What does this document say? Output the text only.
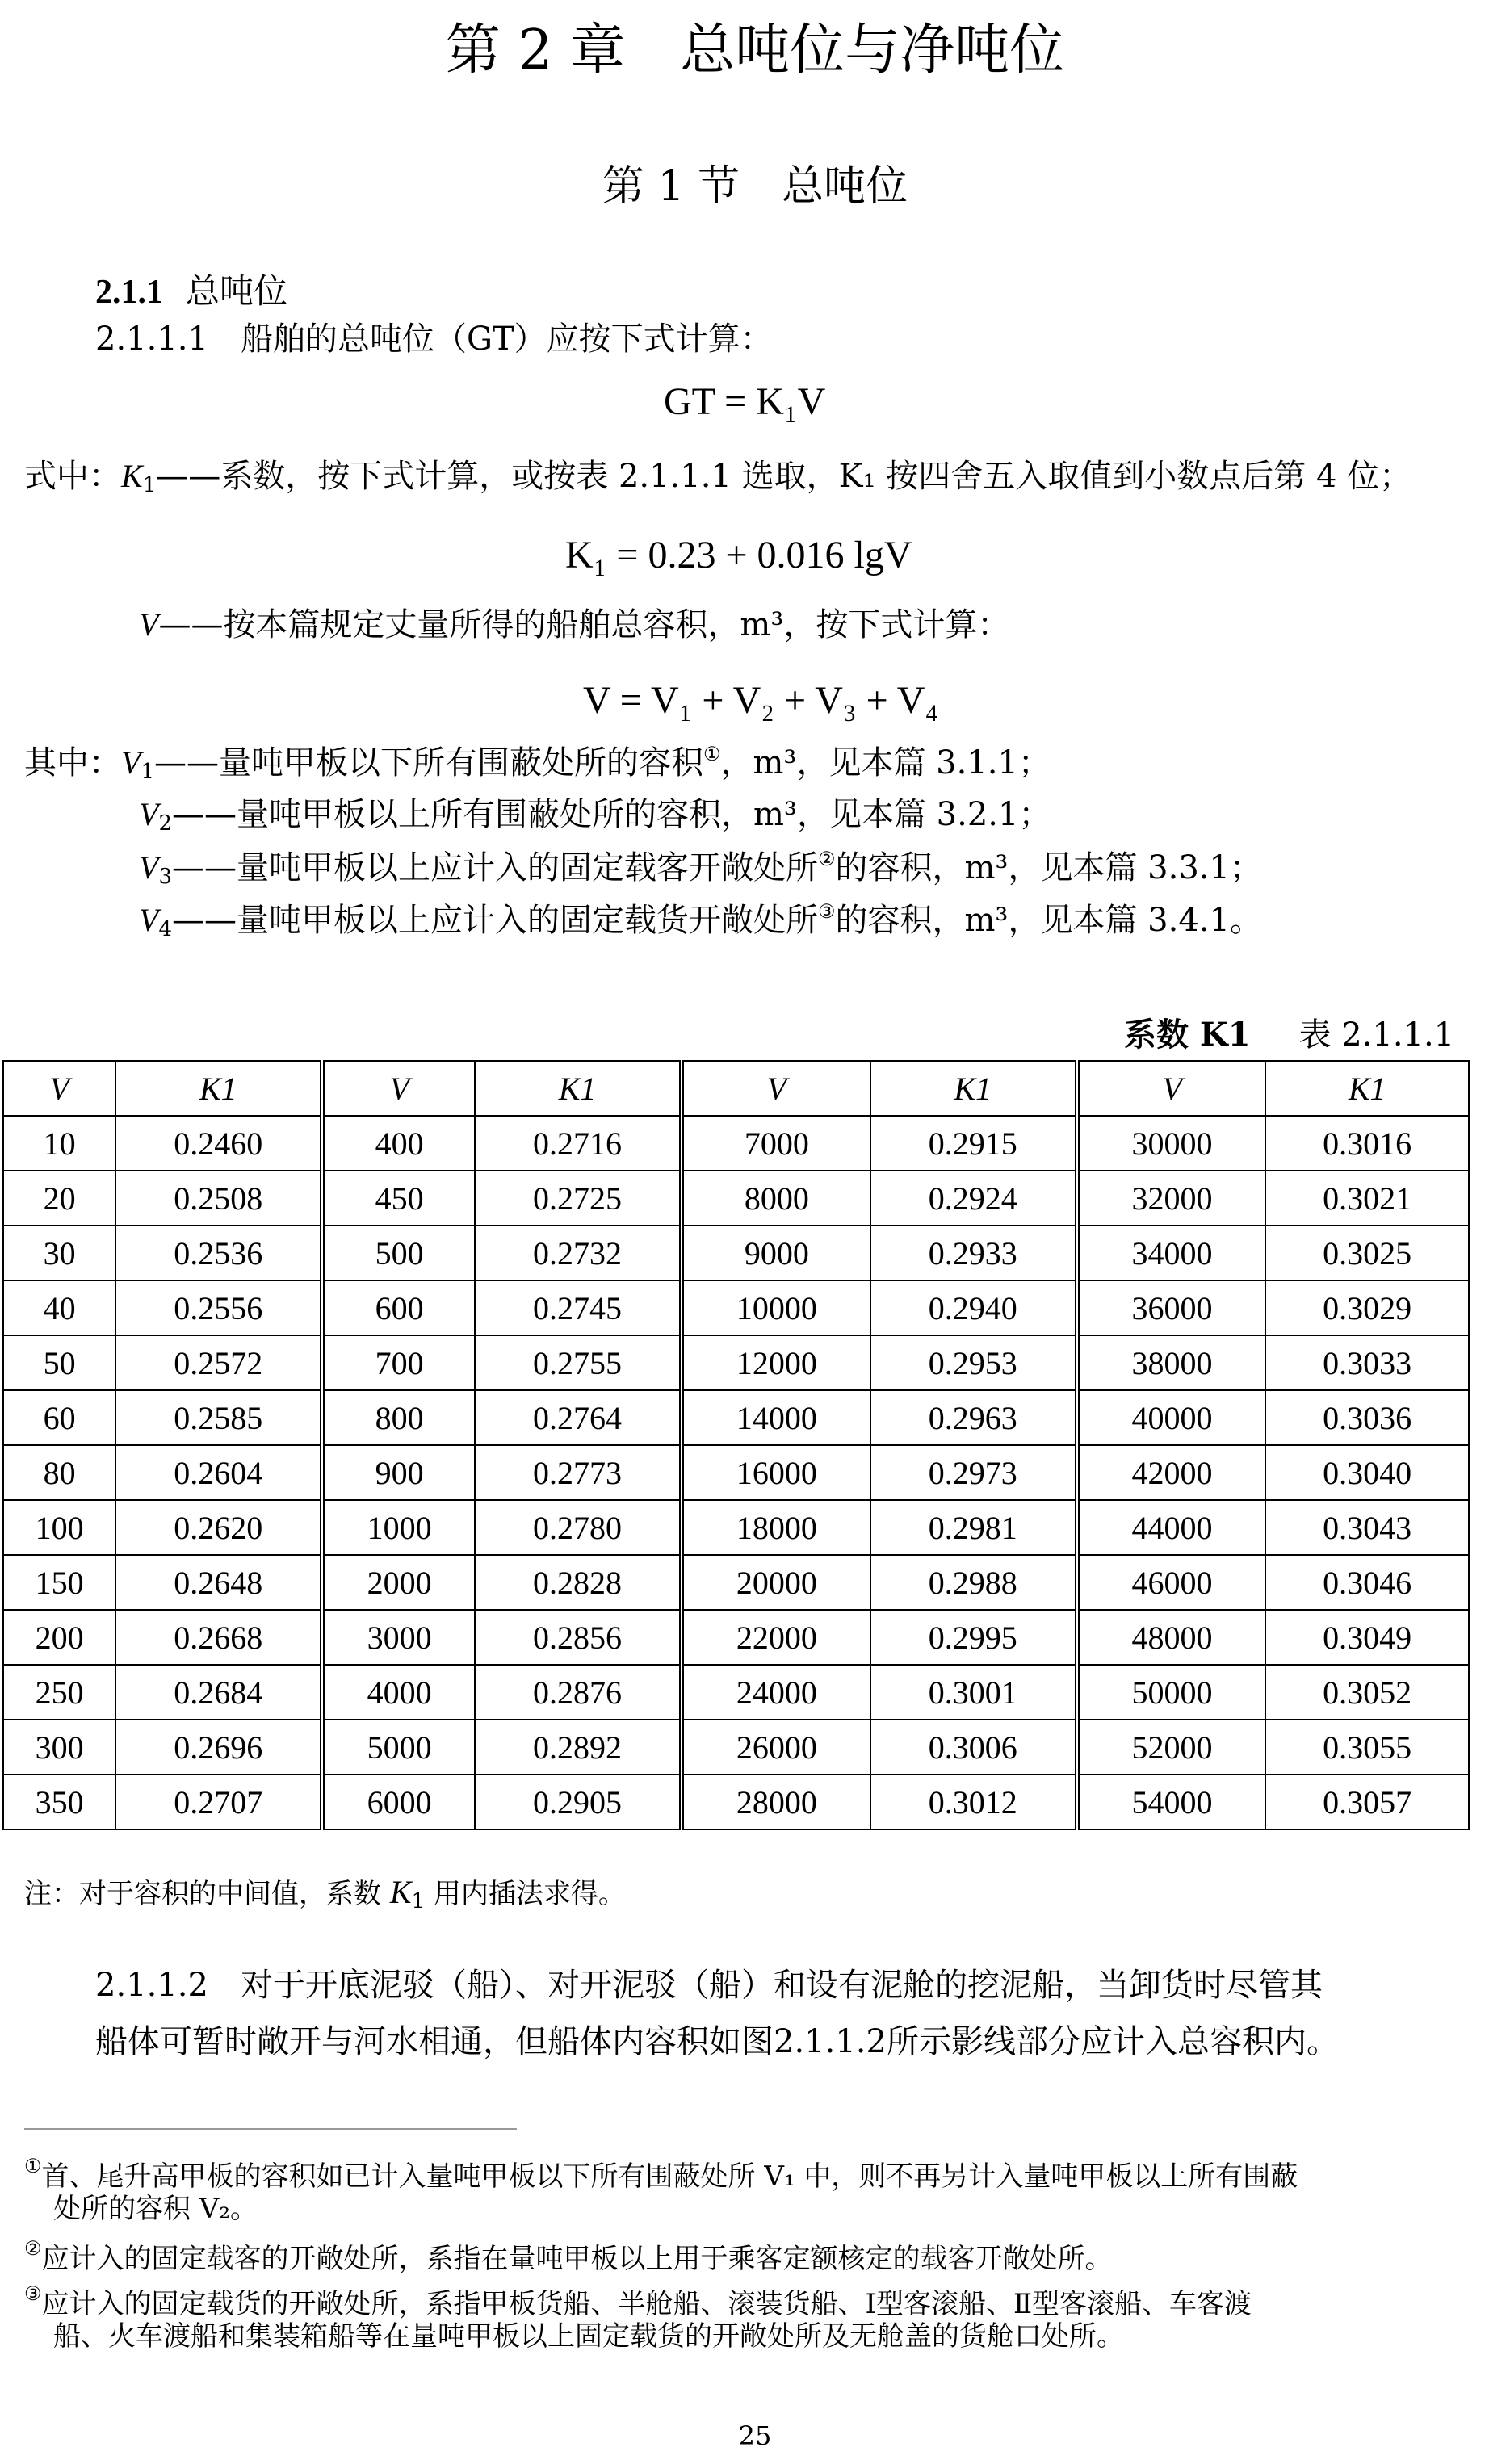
第 2 章　总吨位与净吨位
第 1 节　总吨位
2.1.1 总吨位
2.1.1.1　 船舶的总吨位（GT）应按下式计算：
GT = K₁V
式中：$K_1——$系数，按下式计算，或按表 2.1.1.1 选取，K₁ 按四舍五入取值到小数点后第 4 位；
K₁ = 0.23 + 0.016 lgV
V——按本篇规定丈量所得的船舶总容积，m³，按下式计算：
V = V₁ + V₂ + V₃ + V₄
其中：$V_1——$量吨甲板以下所有围蔽处所的容积①，m³，见本篇 3.1.1；
$V_2——$量吨甲板以上所有围蔽处所的容积，m³，见本篇 3.2.1；
$V_3——$量吨甲板以上应计入的固定载客开敞处所②的容积，m³，见本篇 3.3.1；
$V_4——$量吨甲板以上应计入的固定载货开敞处所③的容积，m³，见本篇 3.4.1。
系数 K1　  表 2.1.1.1
V	K1	V	K1	V	K1	V	K1
10	0.2460	400	0.2716	7000	0.2915	30000	0.3016
20	0.2508	450	0.2725	8000	0.2924	32000	0.3021
30	0.2536	500	0.2732	9000	0.2933	34000	0.3025
40	0.2556	600	0.2745	10000	0.2940	36000	0.3029
50	0.2572	700	0.2755	12000	0.2953	38000	0.3033
60	0.2585	800	0.2764	14000	0.2963	40000	0.3036
80	0.2604	900	0.2773	16000	0.2973	42000	0.3040
100	0.2620	1000	0.2780	18000	0.2981	44000	0.3043
150	0.2648	2000	0.2828	20000	0.2988	46000	0.3046
200	0.2668	3000	0.2856	22000	0.2995	48000	0.3049
250	0.2684	4000	0.2876	24000	0.3001	50000	0.3052
300	0.2696	5000	0.2892	26000	0.3006	52000	0.3055
350	0.2707	6000	0.2905	28000	0.3012	54000	0.3057
注：对于容积的中间值，系数 $K_1$ 用内插法求得。
2.1.1.2　 对于开底泥驳（船）、对开泥驳（船）和设有泥舱的挖泥船，当卸货时尽管其
船体可暂时敞开与河水相通，但船体内容积如图2.1.1.2所示影线部分应计入总容积内。
①首、尾升高甲板的容积如已计入量吨甲板以下所有围蔽处所 V₁ 中，则不再另计入量吨甲板以上所有围蔽
处所的容积 V₂。
②应计入的固定载客的开敞处所，系指在量吨甲板以上用于乘客定额核定的载客开敞处所。
③应计入的固定载货的开敞处所，系指甲板货船、半舱船、滚装货船、Ⅰ型客滚船、Ⅱ型客滚船、车客渡
船、火车渡船和集装箱船等在量吨甲板以上固定载货的开敞处所及无舱盖的货舱口处所。
25
